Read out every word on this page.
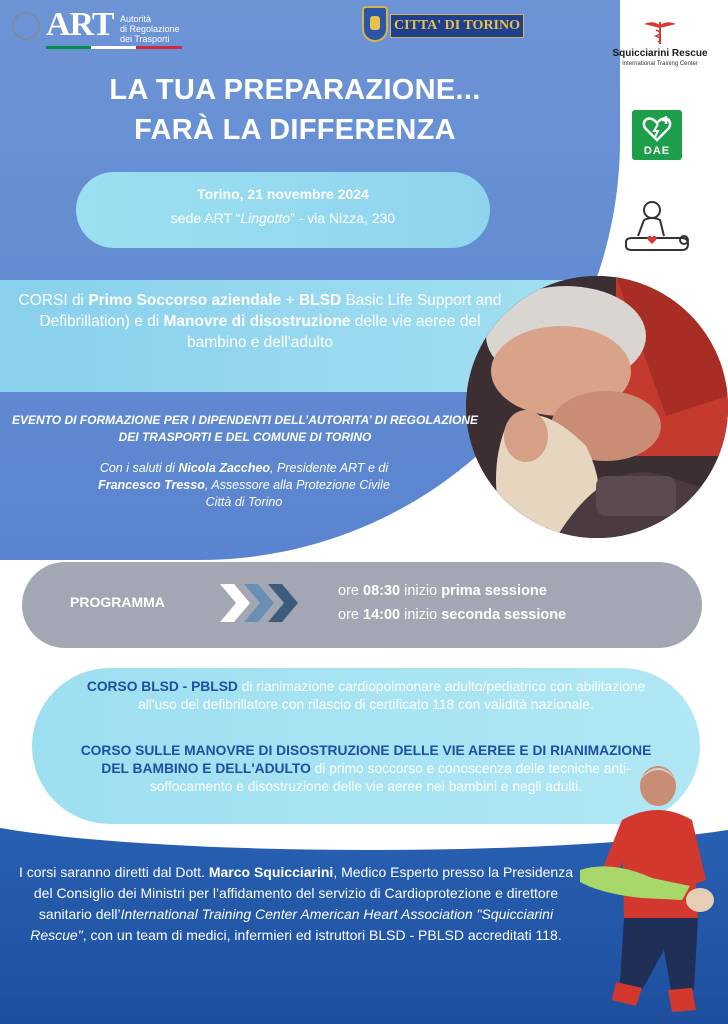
ART Autorità
di Regolazione
dei Trasporti
CITTA' DI TORINO
Squicciarini Rescue
International Training Center
DAE
LA TUA PREPARAZIONE...
FARÀ LA DIFFERENZA
Torino, 21 novembre 2024
sede ART “Lingotto” - via Nizza, 230
CORSI di Primo Soccorso aziendale + BLSD Basic Life Support and Defibrillation) e di Manovre di disostruzione delle vie aeree del bambino e dell'adulto
EVENTO DI FORMAZIONE PER I DIPENDENTI DELL’AUTORITA’ DI REGOLAZIONE DEI TRASPORTI E DEL COMUNE DI TORINO
Con i saluti di Nicola Zaccheo, Presidente ART e di
Francesco Tresso, Assessore alla Protezione Civile
Città di Torino
PROGRAMMA
ore 08:30 inizio prima sessione
ore 14:00 inizio seconda sessione
CORSO BLSD - PBLSD di rianimazione cardiopolmonare adulto/pediatrico con abilitazione all'uso del defibrillatore con rilascio di certificato 118 con validità nazionale.
CORSO SULLE MANOVRE DI DISOSTRUZIONE DELLE VIE AEREE E DI RIANIMAZIONE DEL BAMBINO E DELL'ADULTO di primo soccorso e conoscenza delle tecniche anti-soffocamento e disostruzione delle vie aeree nei bambini e negli adulti.
I corsi saranno diretti dal Dott. Marco Squicciarini, Medico Esperto presso la Presidenza del Consiglio dei Ministri per l’affidamento del servizio di Cardioprotezione e direttore sanitario dell’International Training Center American Heart Association "Squicciarini Rescue", con un team di medici, infermieri ed istruttori BLSD - PBLSD accreditati 118.
